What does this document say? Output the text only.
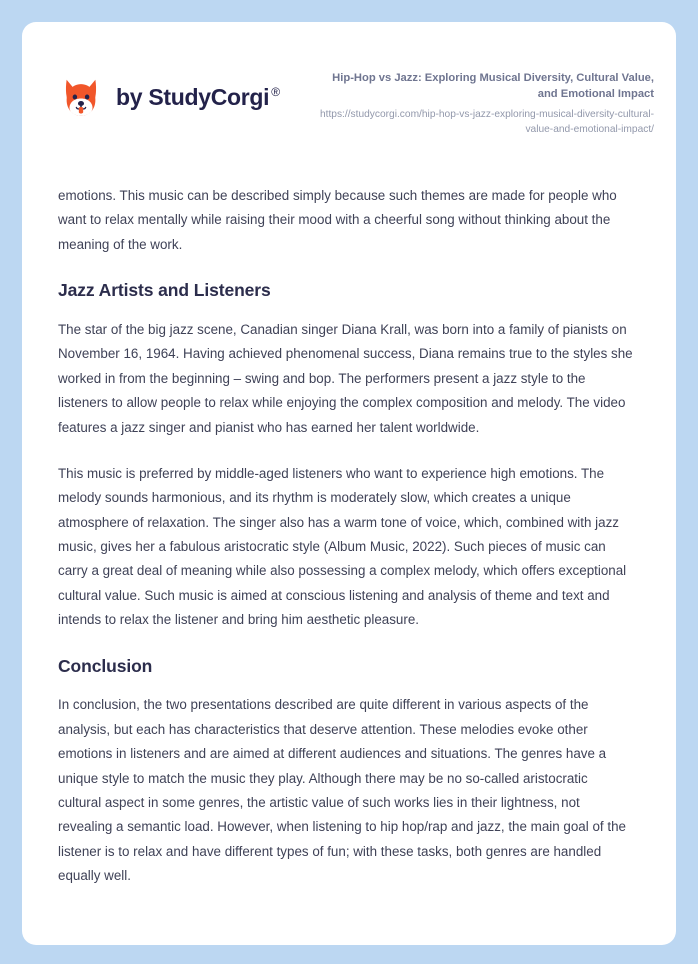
by StudyCorgi ®

Hip-Hop vs Jazz: Exploring Musical Diversity, Cultural Value, and Emotional Impact

https://studycorgi.com/hip-hop-vs-jazz-exploring-musical-diversity-cultural-value-and-emotional-impact/

emotions. This music can be described simply because such themes are made for people who want to relax mentally while raising their mood with a cheerful song without thinking about the meaning of the work.

Jazz Artists and Listeners

The star of the big jazz scene, Canadian singer Diana Krall, was born into a family of pianists on November 16, 1964. Having achieved phenomenal success, Diana remains true to the styles she worked in from the beginning – swing and bop. The performers present a jazz style to the listeners to allow people to relax while enjoying the complex composition and melody. The video features a jazz singer and pianist who has earned her talent worldwide.

This music is preferred by middle-aged listeners who want to experience high emotions. The melody sounds harmonious, and its rhythm is moderately slow, which creates a unique atmosphere of relaxation. The singer also has a warm tone of voice, which, combined with jazz music, gives her a fabulous aristocratic style (Album Music, 2022). Such pieces of music can carry a great deal of meaning while also possessing a complex melody, which offers exceptional cultural value. Such music is aimed at conscious listening and analysis of theme and text and intends to relax the listener and bring him aesthetic pleasure.

Conclusion

In conclusion, the two presentations described are quite different in various aspects of the analysis, but each has characteristics that deserve attention. These melodies evoke other emotions in listeners and are aimed at different audiences and situations. The genres have a unique style to match the music they play. Although there may be no so-called aristocratic cultural aspect in some genres, the artistic value of such works lies in their lightness, not revealing a semantic load. However, when listening to hip hop/rap and jazz, the main goal of the listener is to relax and have different types of fun; with these tasks, both genres are handled equally well.
